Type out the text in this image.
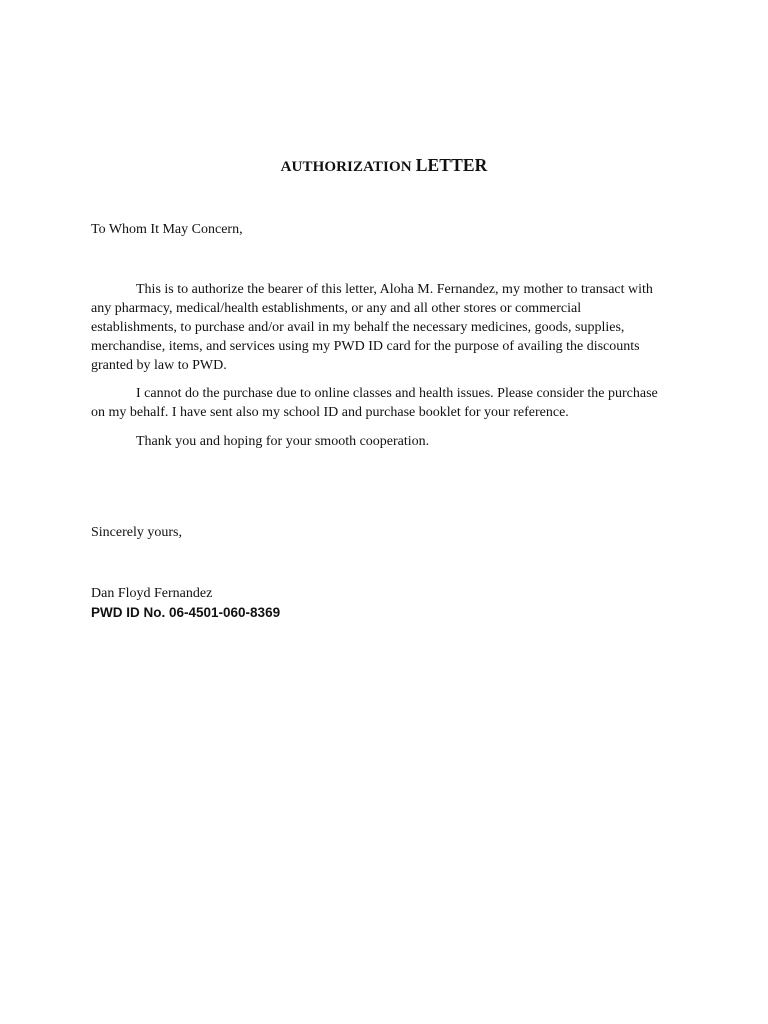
AUTHORIZATION LETTER
To Whom It May Concern,

This is to authorize the bearer of this letter, Aloha M. Fernandez, my mother to transact with any pharmacy, medical/health establishments, or any and all other stores or commercial establishments, to purchase and/or avail in my behalf the necessary medicines, goods, supplies, merchandise, items, and services using my PWD ID card for the purpose of availing the discounts granted by law to PWD.

I cannot do the purchase due to online classes and health issues. Please consider the purchase on my behalf. I have sent also my school ID and purchase booklet for your reference.

Thank you and hoping for your smooth cooperation.

Sincerely yours,
Dan Floyd Fernandez
PWD ID No. 06-4501-060-8369
